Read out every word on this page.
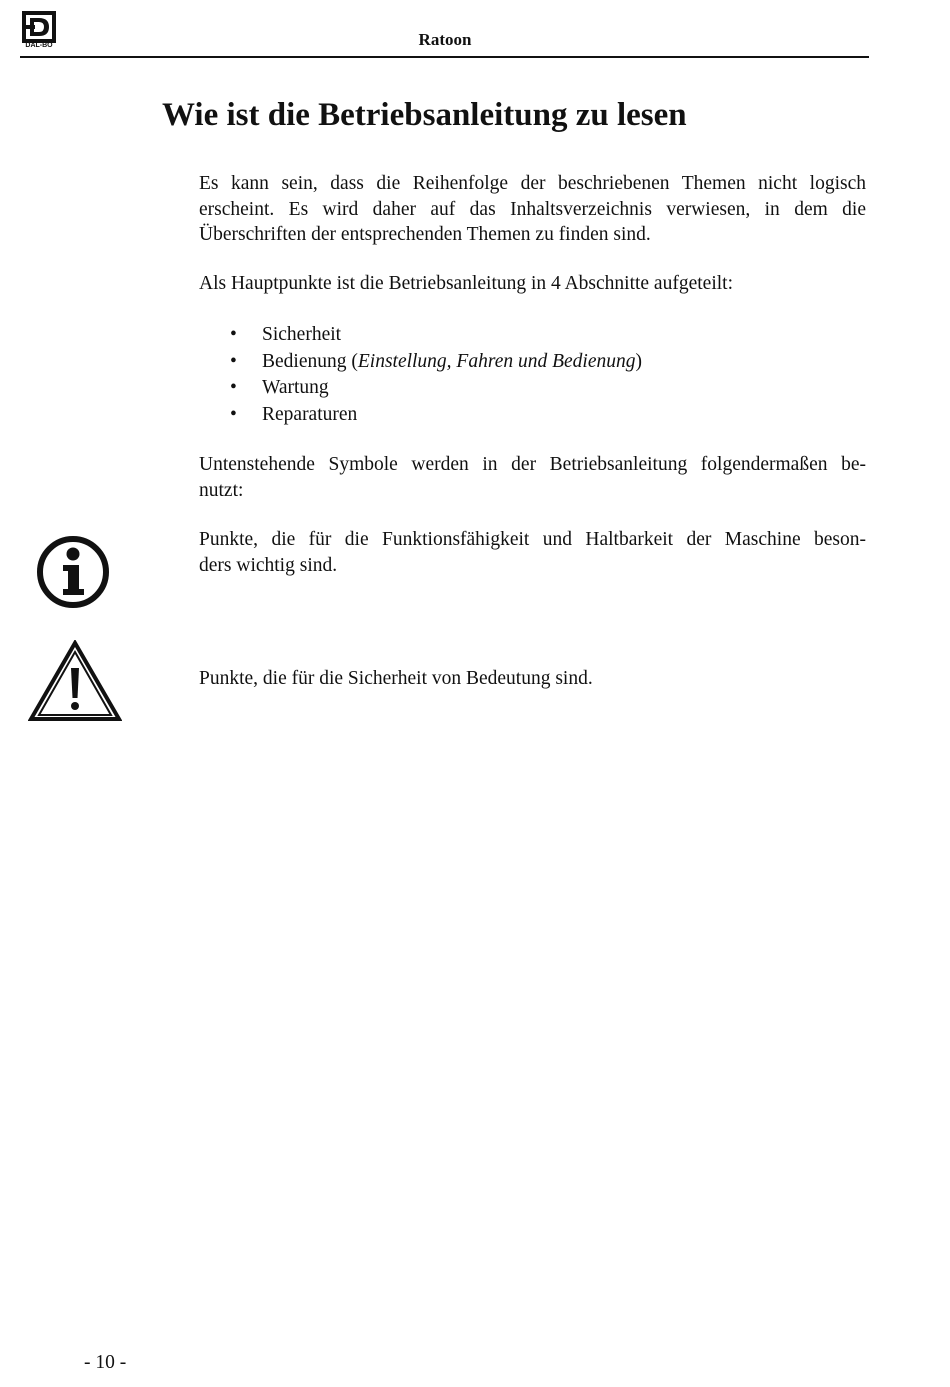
DAL-BO	Ratoon
Wie ist die Betriebsanleitung zu lesen

Es kann sein, dass die Reihenfolge der beschriebenen Themen nicht logisch
erscheint. Es wird daher auf das Inhaltsverzeichnis verwiesen, in dem die
Überschriften der entsprechenden Themen zu finden sind.

Als Hauptpunkte ist die Betriebsanleitung in 4 Abschnitte aufgeteilt:

• Sicherheit
• Bedienung (Einstellung, Fahren und Bedienung)
• Wartung
• Reparaturen

Untenstehende Symbole werden in der Betriebsanleitung folgendermaßen be-
nutzt:

Punkte, die für die Funktionsfähigkeit und Haltbarkeit der Maschine beson-
ders wichtig sind.

Punkte, die für die Sicherheit von Bedeutung sind.

- 10 -
